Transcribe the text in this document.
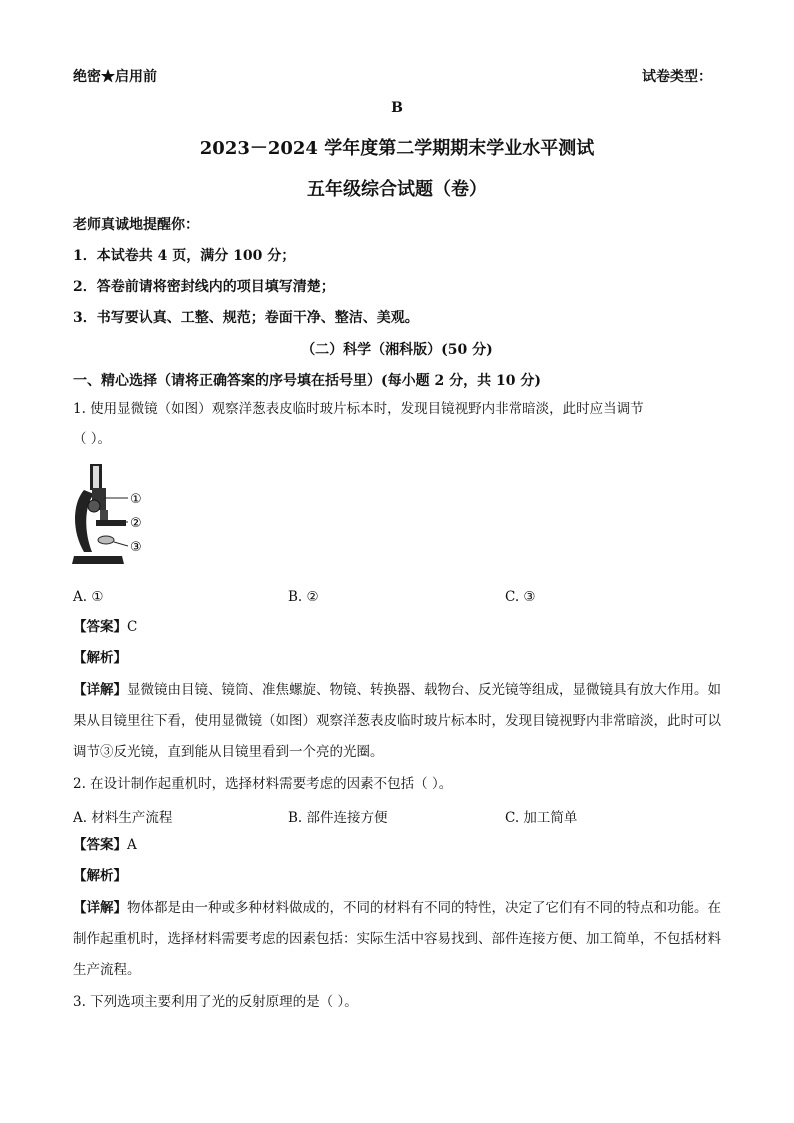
绝密★启用前	试卷类型：
B
2023－2024 学年度第二学期期末学业水平测试
五年级综合试题（卷）
老师真诚地提醒你：
1．本试卷共 4 页，满分 100 分；
2．答卷前请将密封线内的项目填写清楚；
3．书写要认真、工整、规范；卷面干净、整洁、美观。
（二）科学（湘科版）(50 分)
一、精心选择（请将正确答案的序号填在括号里）(每小题 2 分，共 10 分)
1. 使用显微镜（如图）观察洋葱表皮临时玻片标本时，发现目镜视野内非常暗淡，此时应当调节
（ ）。
①
②
③
A. ①	B. ②	C. ③
【答案】C
【解析】
【详解】显微镜由目镜、镜筒、准焦螺旋、物镜、转换器、载物台、反光镜等组成，显微镜具有放大作用。如果从目镜里往下看，使用显微镜（如图）观察洋葱表皮临时玻片标本时，发现目镜视野内非常暗淡，此时可以调节③反光镜，直到能从目镜里看到一个亮的光圈。
2. 在设计制作起重机时，选择材料需要考虑的因素不包括（ ）。
A. 材料生产流程	B. 部件连接方便	C. 加工简单
【答案】A
【解析】
【详解】物体都是由一种或多种材料做成的，不同的材料有不同的特性，决定了它们有不同的特点和功能。在制作起重机时，选择材料需要考虑的因素包括：实际生活中容易找到、部件连接方便、加工简单，不包括材料生产流程。
3. 下列选项主要利用了光的反射原理的是（ ）。
